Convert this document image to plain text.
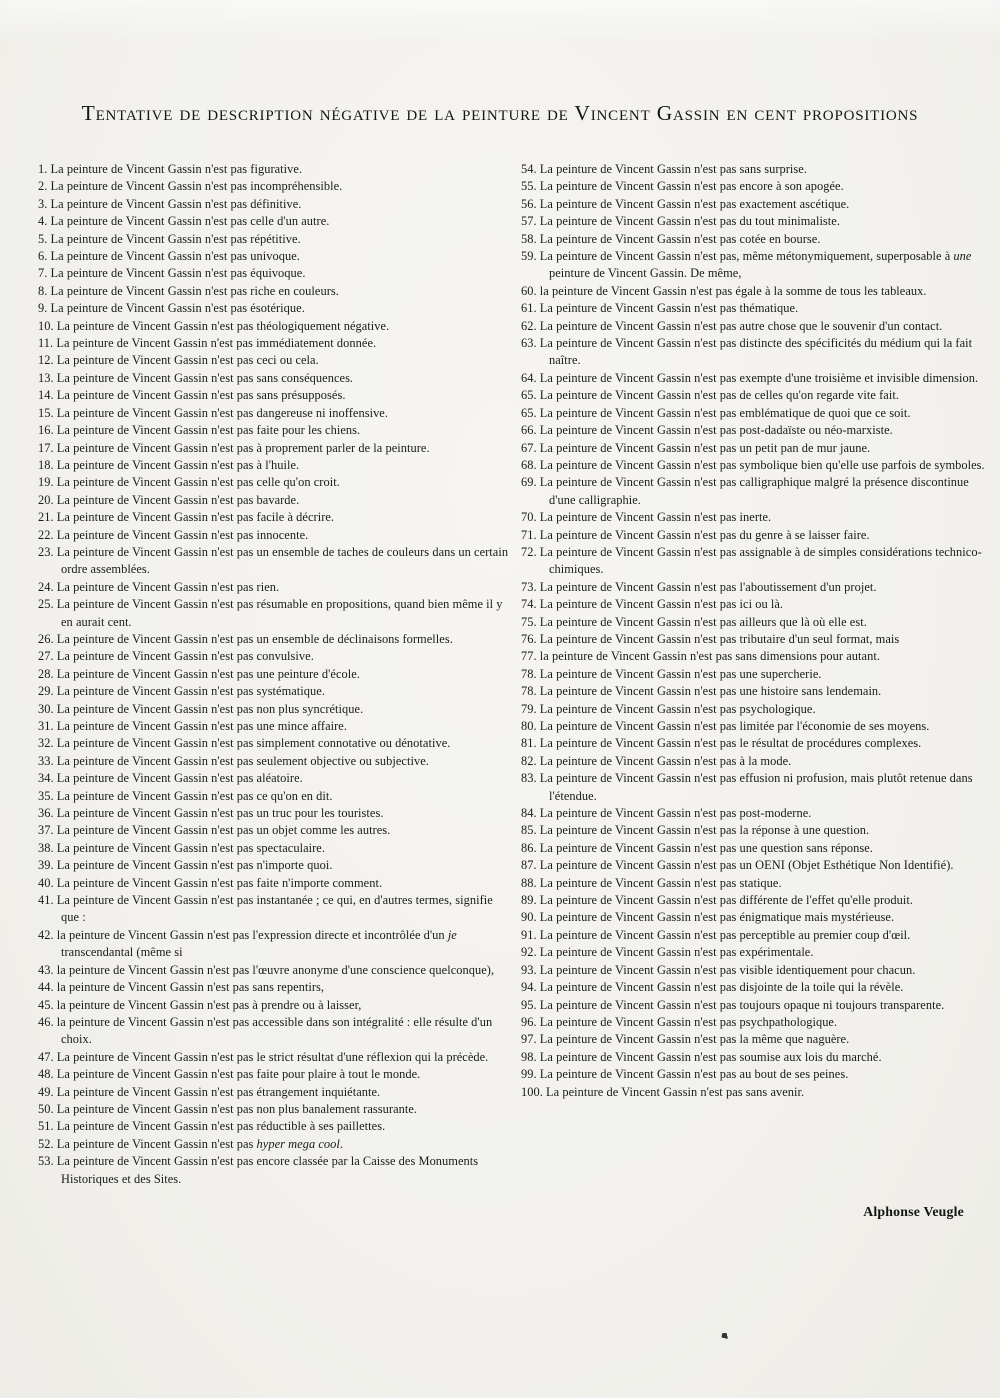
Tentative de description négative de la peinture de Vincent Gassin en cent propositions
1. La peinture de Vincent Gassin n'est pas figurative.
2. La peinture de Vincent Gassin n'est pas incompréhensible.
3. La peinture de Vincent Gassin n'est pas définitive.
4. La peinture de Vincent Gassin n'est pas celle d'un autre.
5. La peinture de Vincent Gassin n'est pas répétitive.
6. La peinture de Vincent Gassin n'est pas univoque.
7. La peinture de Vincent Gassin n'est pas équivoque.
8. La peinture de Vincent Gassin n'est pas riche en couleurs.
9. La peinture de Vincent Gassin n'est pas ésotérique.
10. La peinture de Vincent Gassin n'est pas théologiquement négative.
11. La peinture de Vincent Gassin n'est pas immédiatement donnée.
12. La peinture de Vincent Gassin n'est pas ceci ou cela.
13. La peinture de Vincent Gassin n'est pas sans conséquences.
14. La peinture de Vincent Gassin n'est pas sans présupposés.
15. La peinture de Vincent Gassin n'est pas dangereuse ni inoffensive.
16. La peinture de Vincent Gassin n'est pas faite pour les chiens.
17. La peinture de Vincent Gassin n'est pas à proprement parler de la peinture.
18. La peinture de Vincent Gassin n'est pas à l'huile.
19. La peinture de Vincent Gassin n'est pas celle qu'on croit.
20. La peinture de Vincent Gassin n'est pas bavarde.
21. La peinture de Vincent Gassin n'est pas facile à décrire.
22. La peinture de Vincent Gassin n'est pas innocente.
23. La peinture de Vincent Gassin n'est pas un ensemble de taches de couleurs dans un certain ordre assemblées.
24. La peinture de Vincent Gassin n'est pas rien.
25. La peinture de Vincent Gassin n'est pas résumable en propositions, quand bien même il y en aurait cent.
26. La peinture de Vincent Gassin n'est pas un ensemble de déclinaisons formelles.
27. La peinture de Vincent Gassin n'est pas convulsive.
28. La peinture de Vincent Gassin n'est pas une peinture d'école.
29. La peinture de Vincent Gassin n'est pas systématique.
30. La peinture de Vincent Gassin n'est pas non plus syncrétique.
31. La peinture de Vincent Gassin n'est pas une mince affaire.
32. La peinture de Vincent Gassin n'est pas simplement connotative ou dénotative.
33. La peinture de Vincent Gassin n'est pas seulement objective ou subjective.
34. La peinture de Vincent Gassin n'est pas aléatoire.
35. La peinture de Vincent Gassin n'est pas ce qu'on en dit.
36. La peinture de Vincent Gassin n'est pas un truc pour les touristes.
37. La peinture de Vincent Gassin n'est pas un objet comme les autres.
38. La peinture de Vincent Gassin n'est pas spectaculaire.
39. La peinture de Vincent Gassin n'est pas n'importe quoi.
40. La peinture de Vincent Gassin n'est pas faite n'importe comment.
41. La peinture de Vincent Gassin n'est pas instantanée ; ce qui, en d'autres termes, signifie que :
42. la peinture de Vincent Gassin n'est pas l'expression directe et incontrôlée d'un je transcendantal (même si
43. la peinture de Vincent Gassin n'est pas l'œuvre anonyme d'une conscience quelconque),
44. la peinture de Vincent Gassin n'est pas sans repentirs,
45. la peinture de Vincent Gassin n'est pas à prendre ou à laisser,
46. la peinture de Vincent Gassin n'est pas accessible dans son intégralité : elle résulte d'un choix.
47. La peinture de Vincent Gassin n'est pas le strict résultat d'une réflexion qui la précède.
48. La peinture de Vincent Gassin n'est pas faite pour plaire à tout le monde.
49. La peinture de Vincent Gassin n'est pas étrangement inquiétante.
50. La peinture de Vincent Gassin n'est pas non plus banalement rassurante.
51. La peinture de Vincent Gassin n'est pas réductible à ses paillettes.
52. La peinture de Vincent Gassin n'est pas hyper mega cool.
53. La peinture de Vincent Gassin n'est pas encore classée par la Caisse des Monuments Historiques et des Sites.
54. La peinture de Vincent Gassin n'est pas sans surprise.
55. La peinture de Vincent Gassin n'est pas encore à son apogée.
56. La peinture de Vincent Gassin n'est pas exactement ascétique.
57. La peinture de Vincent Gassin n'est pas du tout minimaliste.
58. La peinture de Vincent Gassin n'est pas cotée en bourse.
59. La peinture de Vincent Gassin n'est pas, même métonymiquement, superposable à une peinture de Vincent Gassin. De même,
60. la peinture de Vincent Gassin n'est pas égale à la somme de tous les tableaux.
61. La peinture de Vincent Gassin n'est pas thématique.
62. La peinture de Vincent Gassin n'est pas autre chose que le souvenir d'un contact.
63. La peinture de Vincent Gassin n'est pas distincte des spécificités du médium qui la fait naître.
64. La peinture de Vincent Gassin n'est pas exempte d'une troisième et invisible dimension.
65. La peinture de Vincent Gassin n'est pas de celles qu'on regarde vite fait.
65. La peinture de Vincent Gassin n'est pas emblématique de quoi que ce soit.
66. La peinture de Vincent Gassin n'est pas post-dadaïste ou néo-marxiste.
67. La peinture de Vincent Gassin n'est pas un petit pan de mur jaune.
68. La peinture de Vincent Gassin n'est pas symbolique bien qu'elle use parfois de symboles.
69. La peinture de Vincent Gassin n'est pas calligraphique malgré la présence discontinue d'une calligraphie.
70. La peinture de Vincent Gassin n'est pas inerte.
71. La peinture de Vincent Gassin n'est pas du genre à se laisser faire.
72. La peinture de Vincent Gassin n'est pas assignable à de simples considérations technico-chimiques.
73. La peinture de Vincent Gassin n'est pas l'aboutissement d'un projet.
74. La peinture de Vincent Gassin n'est pas ici ou là.
75. La peinture de Vincent Gassin n'est pas ailleurs que là où elle est.
76. La peinture de Vincent Gassin n'est pas tributaire d'un seul format, mais
77. la peinture de Vincent Gassin n'est pas sans dimensions pour autant.
78. La peinture de Vincent Gassin n'est pas une supercherie.
78. La peinture de Vincent Gassin n'est pas une histoire sans lendemain.
79. La peinture de Vincent Gassin n'est pas psychologique.
80. La peinture de Vincent Gassin n'est pas limitée par l'économie de ses moyens.
81. La peinture de Vincent Gassin n'est pas le résultat de procédures complexes.
82. La peinture de Vincent Gassin n'est pas à la mode.
83. La peinture de Vincent Gassin n'est pas effusion ni profusion, mais plutôt retenue dans l'étendue.
84. La peinture de Vincent Gassin n'est pas post-moderne.
85. La peinture de Vincent Gassin n'est pas la réponse à une question.
86. La peinture de Vincent Gassin n'est pas une question sans réponse.
87. La peinture de Vincent Gassin n'est pas un OENI (Objet Esthétique Non Identifié).
88. La peinture de Vincent Gassin n'est pas statique.
89. La peinture de Vincent Gassin n'est pas différente de l'effet qu'elle produit.
90. La peinture de Vincent Gassin n'est pas énigmatique mais mystérieuse.
91. La peinture de Vincent Gassin n'est pas perceptible au premier coup d'œil.
92. La peinture de Vincent Gassin n'est pas expérimentale.
93. La peinture de Vincent Gassin n'est pas visible identiquement pour chacun.
94. La peinture de Vincent Gassin n'est pas disjointe de la toile qui la révèle.
95. La peinture de Vincent Gassin n'est pas toujours opaque ni toujours transparente.
96. La peinture de Vincent Gassin n'est pas psychpathologique.
97. La peinture de Vincent Gassin n'est pas la même que naguère.
98. La peinture de Vincent Gassin n'est pas soumise aux lois du marché.
99. La peinture de Vincent Gassin n'est pas au bout de ses peines.
100. La peinture de Vincent Gassin n'est pas sans avenir.
Alphonse Veugle
